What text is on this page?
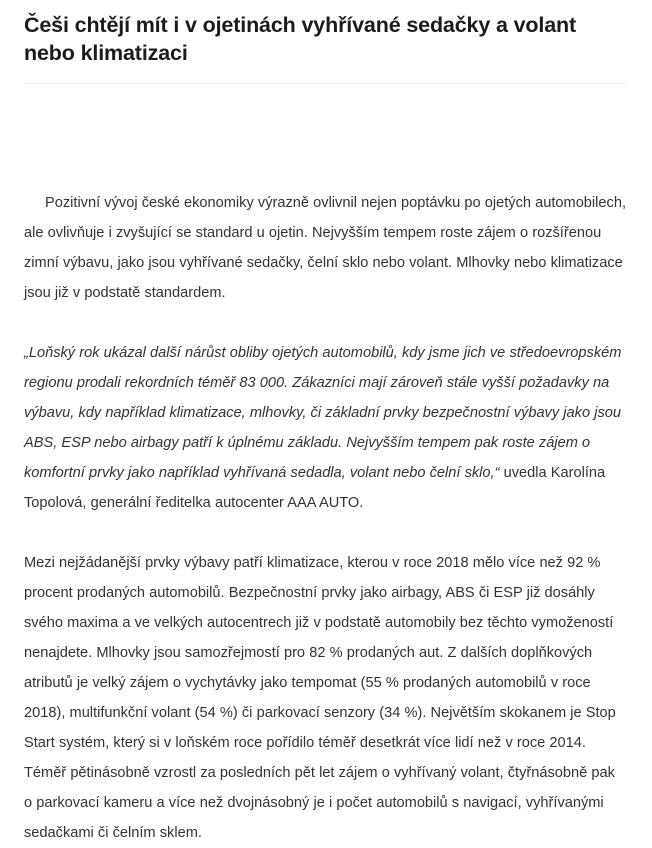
Češi chtějí mít i v ojetinách vyhřívané sedačky a volant nebo klimatizaci

Pozitivní vývoj české ekonomiky výrazně ovlivnil nejen poptávku po ojetých automobilech, ale ovlivňuje i zvyšující se standard u ojetin. Nejvyšším tempem roste zájem o rozšířenou zimní výbavu, jako jsou vyhřívané sedačky, čelní sklo nebo volant. Mlhovky nebo klimatizace jsou již v podstatě standardem.

„Loňský rok ukázal další nárůst obliby ojetých automobilů, kdy jsme jich ve středoevropském regionu prodali rekordních téměř 83 000. Zákazníci mají zároveň stále vyšší požadavky na výbavu, kdy například klimatizace, mlhovky, či základní prvky bezpečnostní výbavy jako jsou ABS, ESP nebo airbagy patří k úplnému základu. Nejvyšším tempem pak roste zájem o komfortní prvky jako například vyhřívaná sedadla, volant nebo čelní sklo,“ uvedla Karolína Topolová, generální ředitelka autocenter AAA AUTO.

Mezi nejžádanější prvky výbavy patří klimatizace, kterou v roce 2018 mělo více než 92 % procent prodaných automobilů. Bezpečnostní prvky jako airbagy, ABS či ESP již dosáhly svého maxima a ve velkých autocentrech již v podstatě automobily bez těchto vymožeností nenajdete. Mlhovky jsou samozřejmostí pro 82 % prodaných aut. Z dalších doplňkových atributů je velký zájem o vychytávky jako tempomat (55 % prodaných automobilů v roce 2018), multifunkční volant (54 %) či parkovací senzory (34 %). Největším skokanem je Stop Start systém, který si v loňském roce pořídilo téměř desetkrát více lidí než v roce 2014. Téměř pětinásobně vzrostl za posledních pět let zájem o vyhřívaný volant, čtyřnásobně pak o parkovací kameru a více než dvojnásobný je i počet automobilů s navigací, vyhřívanými sedačkami či čelním sklem.
